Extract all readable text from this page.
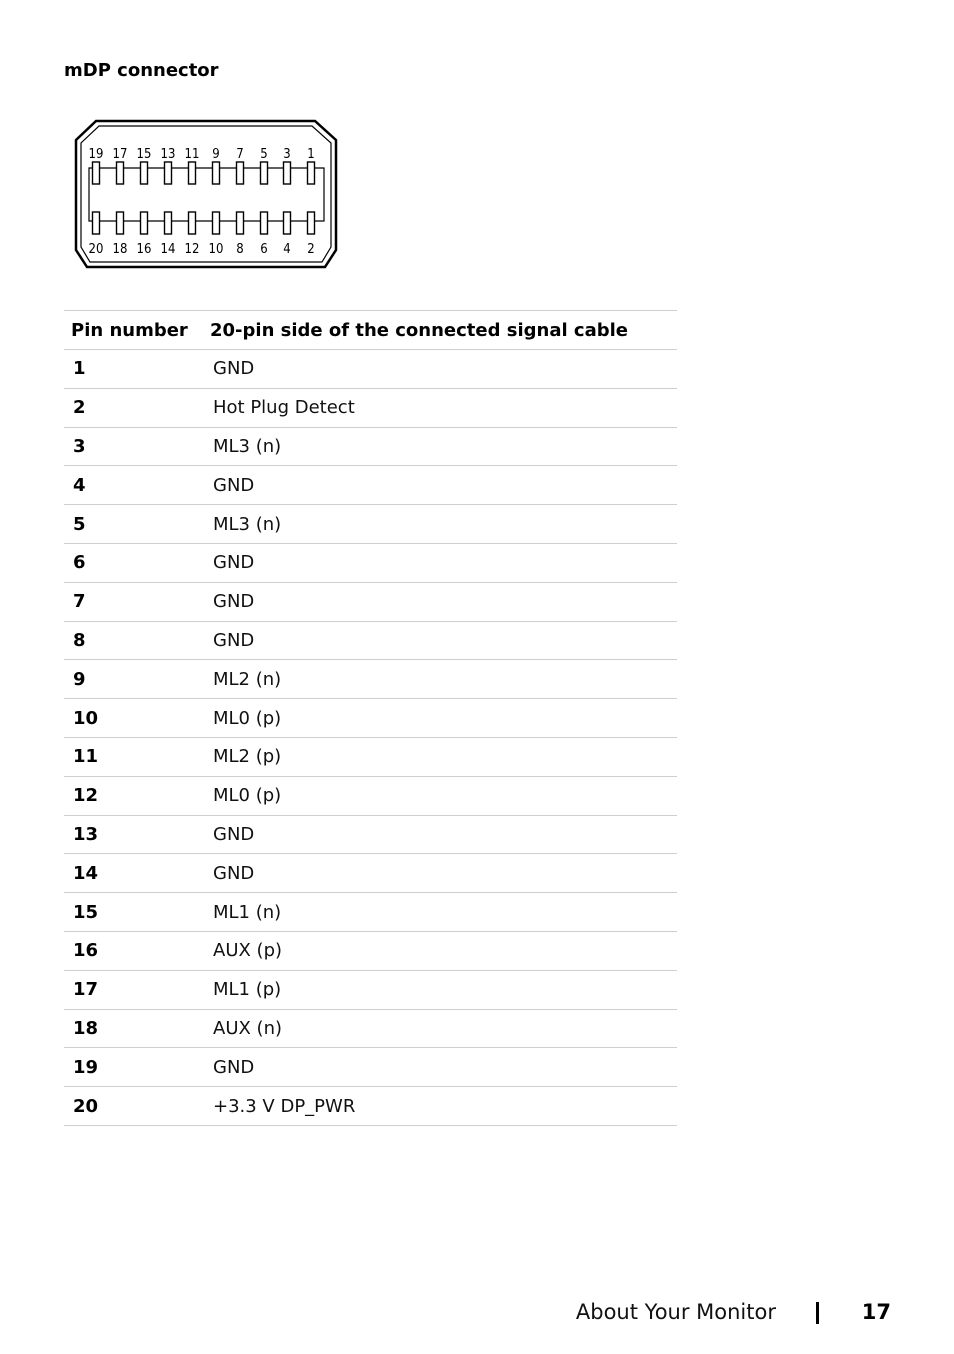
mDP connector
19
20
17
18
15
16
13
14
11
12
9
10
7
8
5
6
3
4
1
2
Pin number	20-pin side of the connected signal cable
1	GND
2	Hot Plug Detect
3	ML3 (n)
4	GND
5	ML3 (n)
6	GND
7	GND
8	GND
9	ML2 (n)
10	ML0 (p)
11	ML2 (p)
12	ML0 (p)
13	GND
14	GND
15	ML1 (n)
16	AUX (p)
17	ML1 (p)
18	AUX (n)
19	GND
20	+3.3 V DP_PWR
About Your Monitor	17
